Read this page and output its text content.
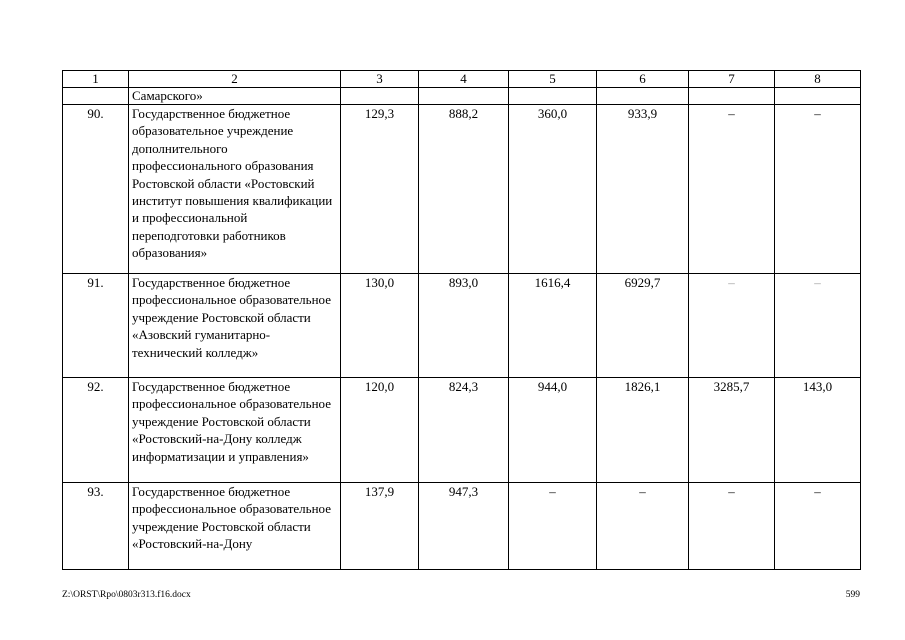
1	2	3	4	5	6	7	8
	Самарского»						
90.	Государственное бюджетное образовательное учреждение дополнительного профессионального образования Ростовской области «Ростовский институт повышения квалификации и профессиональной переподготовки работников образования»	129,3	888,2	360,0	933,9	–	–
91.	Государственное бюджетное профессиональное образовательное учреждение Ростовской области «Азовский гуманитарно-технический колледж»	130,0	893,0	1616,4	6929,7	–	–
92.	Государственное бюджетное профессиональное образовательное учреждение Ростовской области «Ростовский-на-Дону колледж информатизации и управления»	120,0	824,3	944,0	1826,1	3285,7	143,0
93.	Государственное бюджетное профессиональное образовательное учреждение Ростовской области «Ростовский-на-Дону	137,9	947,3	–	–	–	–
Z:\ORST\Rpo\0803r313.f16.docx	599
